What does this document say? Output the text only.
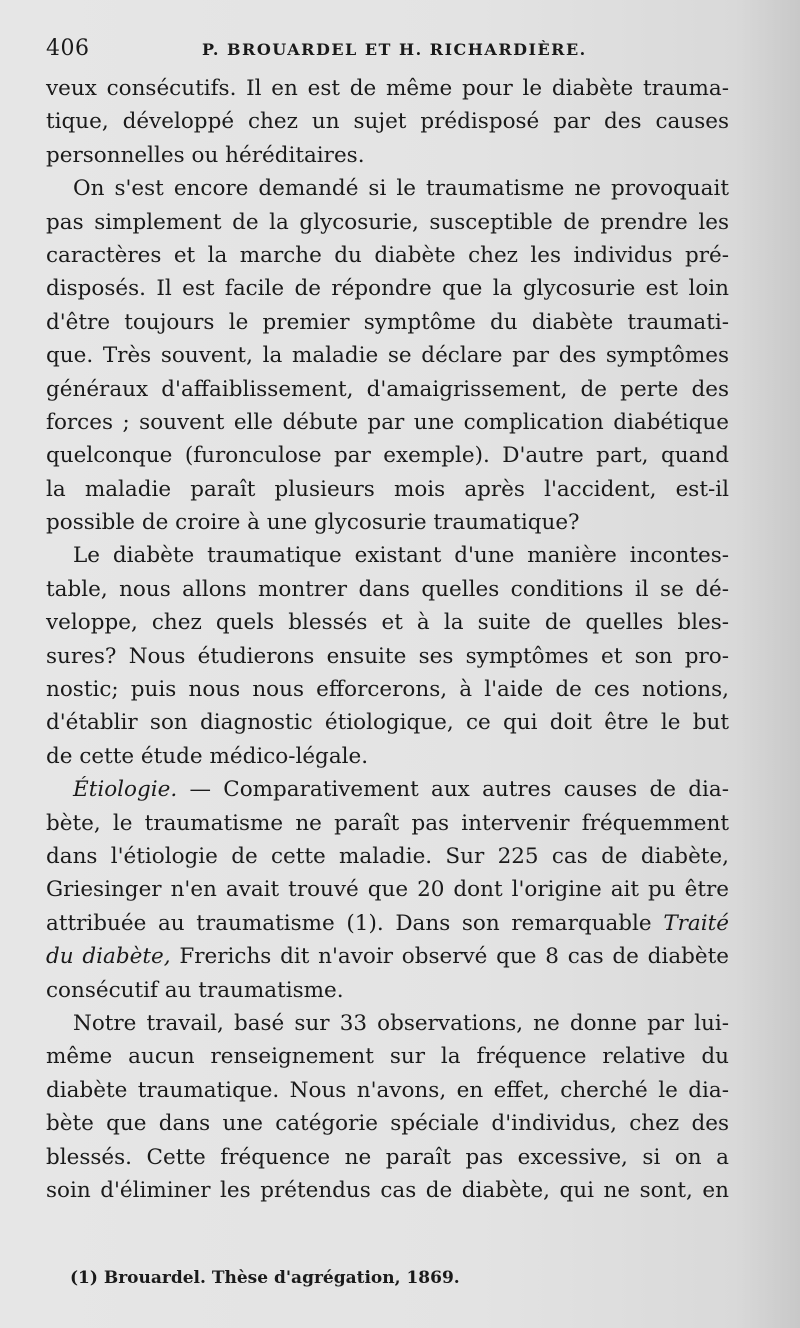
406	P. BROUARDEL ET H. RICHARDIÈRE.
veux consécutifs. Il en est de même pour le diabète trauma-
tique, développé chez un sujet prédisposé par des causes
personnelles ou héréditaires.
On s'est encore demandé si le traumatisme ne provoquait
pas simplement de la glycosurie, susceptible de prendre les
caractères et la marche du diabète chez les individus pré-
disposés. Il est facile de répondre que la glycosurie est loin
d'être toujours le premier symptôme du diabète traumati-
que. Très souvent, la maladie se déclare par des symptômes
généraux d'affaiblissement, d'amaigrissement, de perte des
forces ; souvent elle débute par une complication diabétique
quelconque (furonculose par exemple). D'autre part, quand
la maladie paraît plusieurs mois après l'accident, est-il
possible de croire à une glycosurie traumatique?
Le diabète traumatique existant d'une manière incontes-
table, nous allons montrer dans quelles conditions il se dé-
veloppe, chez quels blessés et à la suite de quelles bles-
sures? Nous étudierons ensuite ses symptômes et son pro-
nostic; puis nous nous efforcerons, à l'aide de ces notions,
d'établir son diagnostic étiologique, ce qui doit être le but
de cette étude médico-légale.
Étiologie. — Comparativement aux autres causes de dia-
bète, le traumatisme ne paraît pas intervenir fréquemment
dans l'étiologie de cette maladie. Sur 225 cas de diabète,
Griesinger n'en avait trouvé que 20 dont l'origine ait pu être
attribuée au traumatisme (1). Dans son remarquable Traité
du diabète, Frerichs dit n'avoir observé que 8 cas de diabète
consécutif au traumatisme.
Notre travail, basé sur 33 observations, ne donne par lui-
même aucun renseignement sur la fréquence relative du
diabète traumatique. Nous n'avons, en effet, cherché le dia-
bète que dans une catégorie spéciale d'individus, chez des
blessés. Cette fréquence ne paraît pas excessive, si on a
soin d'éliminer les prétendus cas de diabète, qui ne sont, en
(1) Brouardel. Thèse d'agrégation, 1869.
